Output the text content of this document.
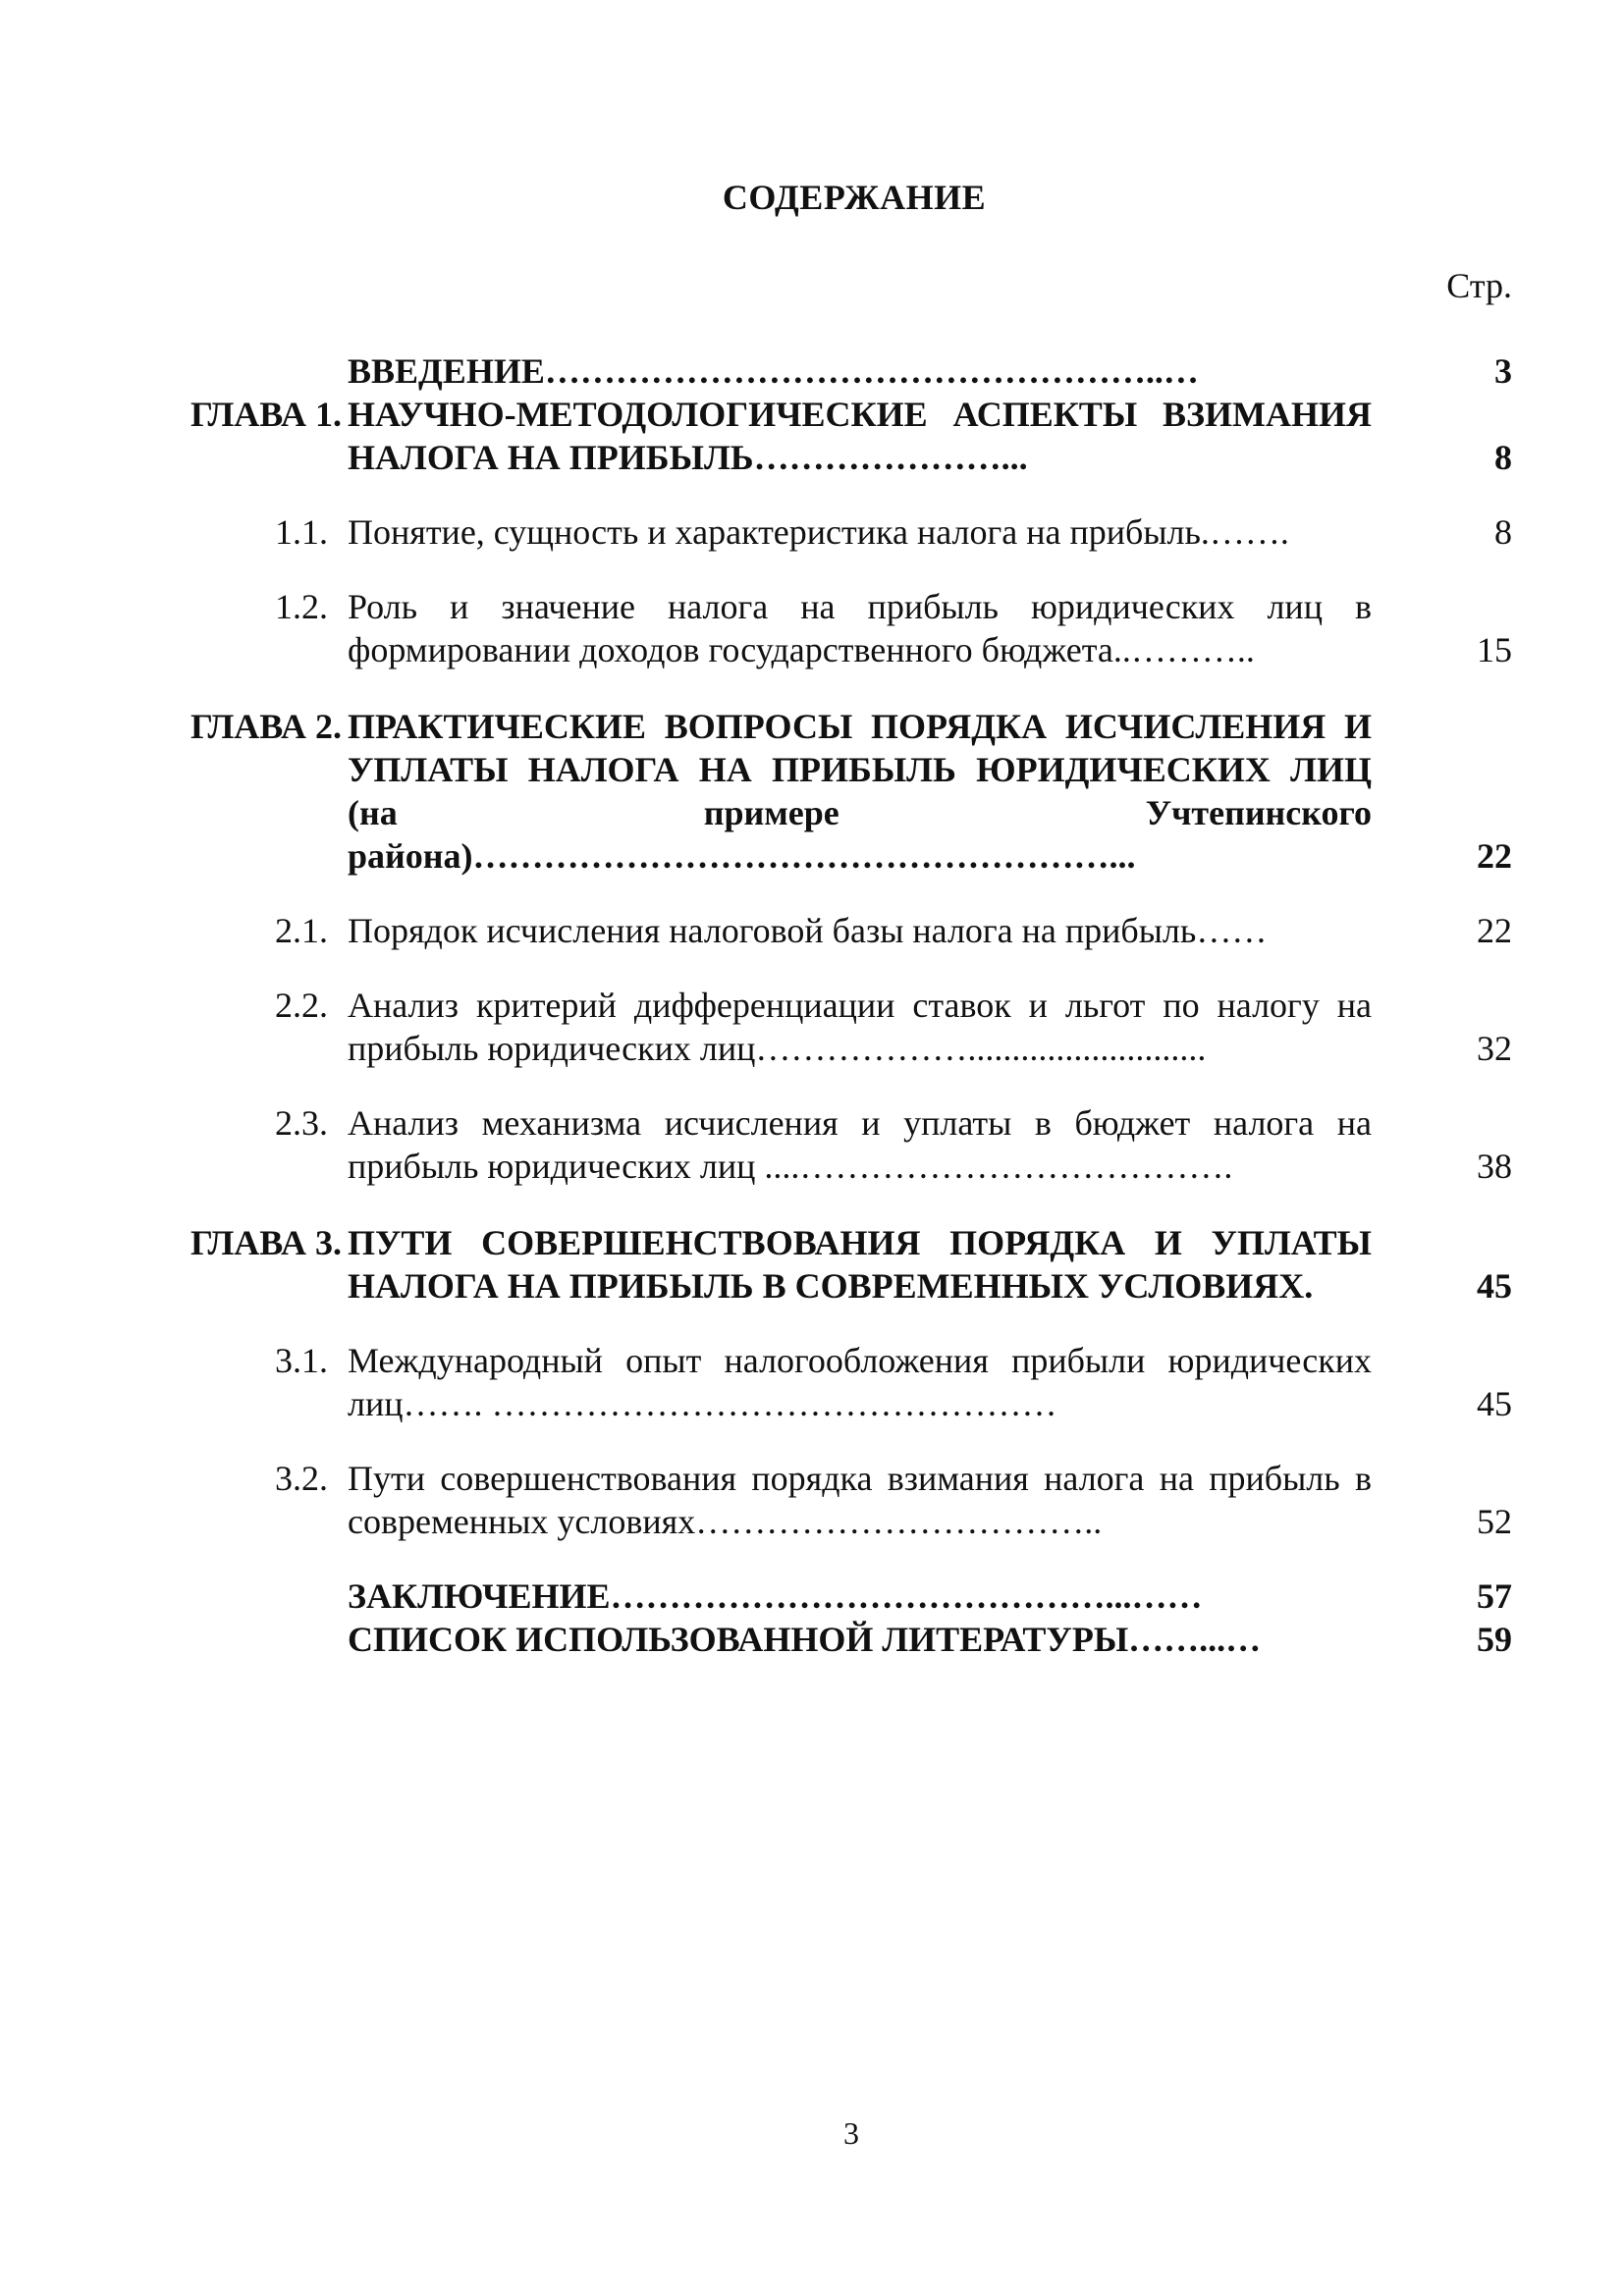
СОДЕРЖАНИЕ
Стр.
ВВЕДЕНИЕ……………………………………………..…	3
ГЛАВА 1. НАУЧНО-МЕТОДОЛОГИЧЕСКИЕ АСПЕКТЫ ВЗИМАНИЯ НАЛОГА НА ПРИБЫЛЬ…………………...	8
1.1. Понятие, сущность и характеристика налога на прибыль.…….	8
1.2. Роль и значение налога на прибыль юридических лиц в формировании доходов государственного бюджета..………..	15
ГЛАВА 2. ПРАКТИЧЕСКИЕ ВОПРОСЫ ПОРЯДКА ИСЧИСЛЕНИЯ И УПЛАТЫ НАЛОГА НА ПРИБЫЛЬ ЮРИДИЧЕСКИХ ЛИЦ (на примере Учтепинского района)………………………………………………...	22
2.1. Порядок исчисления налоговой базы налога на прибыль……	22
2.2. Анализ критерий дифференциации ставок и льгот по налогу на прибыль юридических лиц………………...........................	32
2.3. Анализ механизма исчисления и уплаты в бюджет налога на прибыль юридических лиц ....……………………………….	38
ГЛАВА 3. ПУТИ СОВЕРШЕНСТВОВАНИЯ ПОРЯДКА И УПЛАТЫ НАЛОГА НА ПРИБЫЛЬ В СОВРЕМЕННЫХ УСЛОВИЯХ.	45
3.1. Международный опыт налогообложения прибыли юридических лиц……. …………………………………………	45
3.2. Пути совершенствования порядка взимания налога на прибыль в современных условиях……………………………..	52
ЗАКЛЮЧЕНИЕ……………………………………...……	57
СПИСОК ИСПОЛЬЗОВАННОЙ ЛИТЕРАТУРЫ……...…	59
3
